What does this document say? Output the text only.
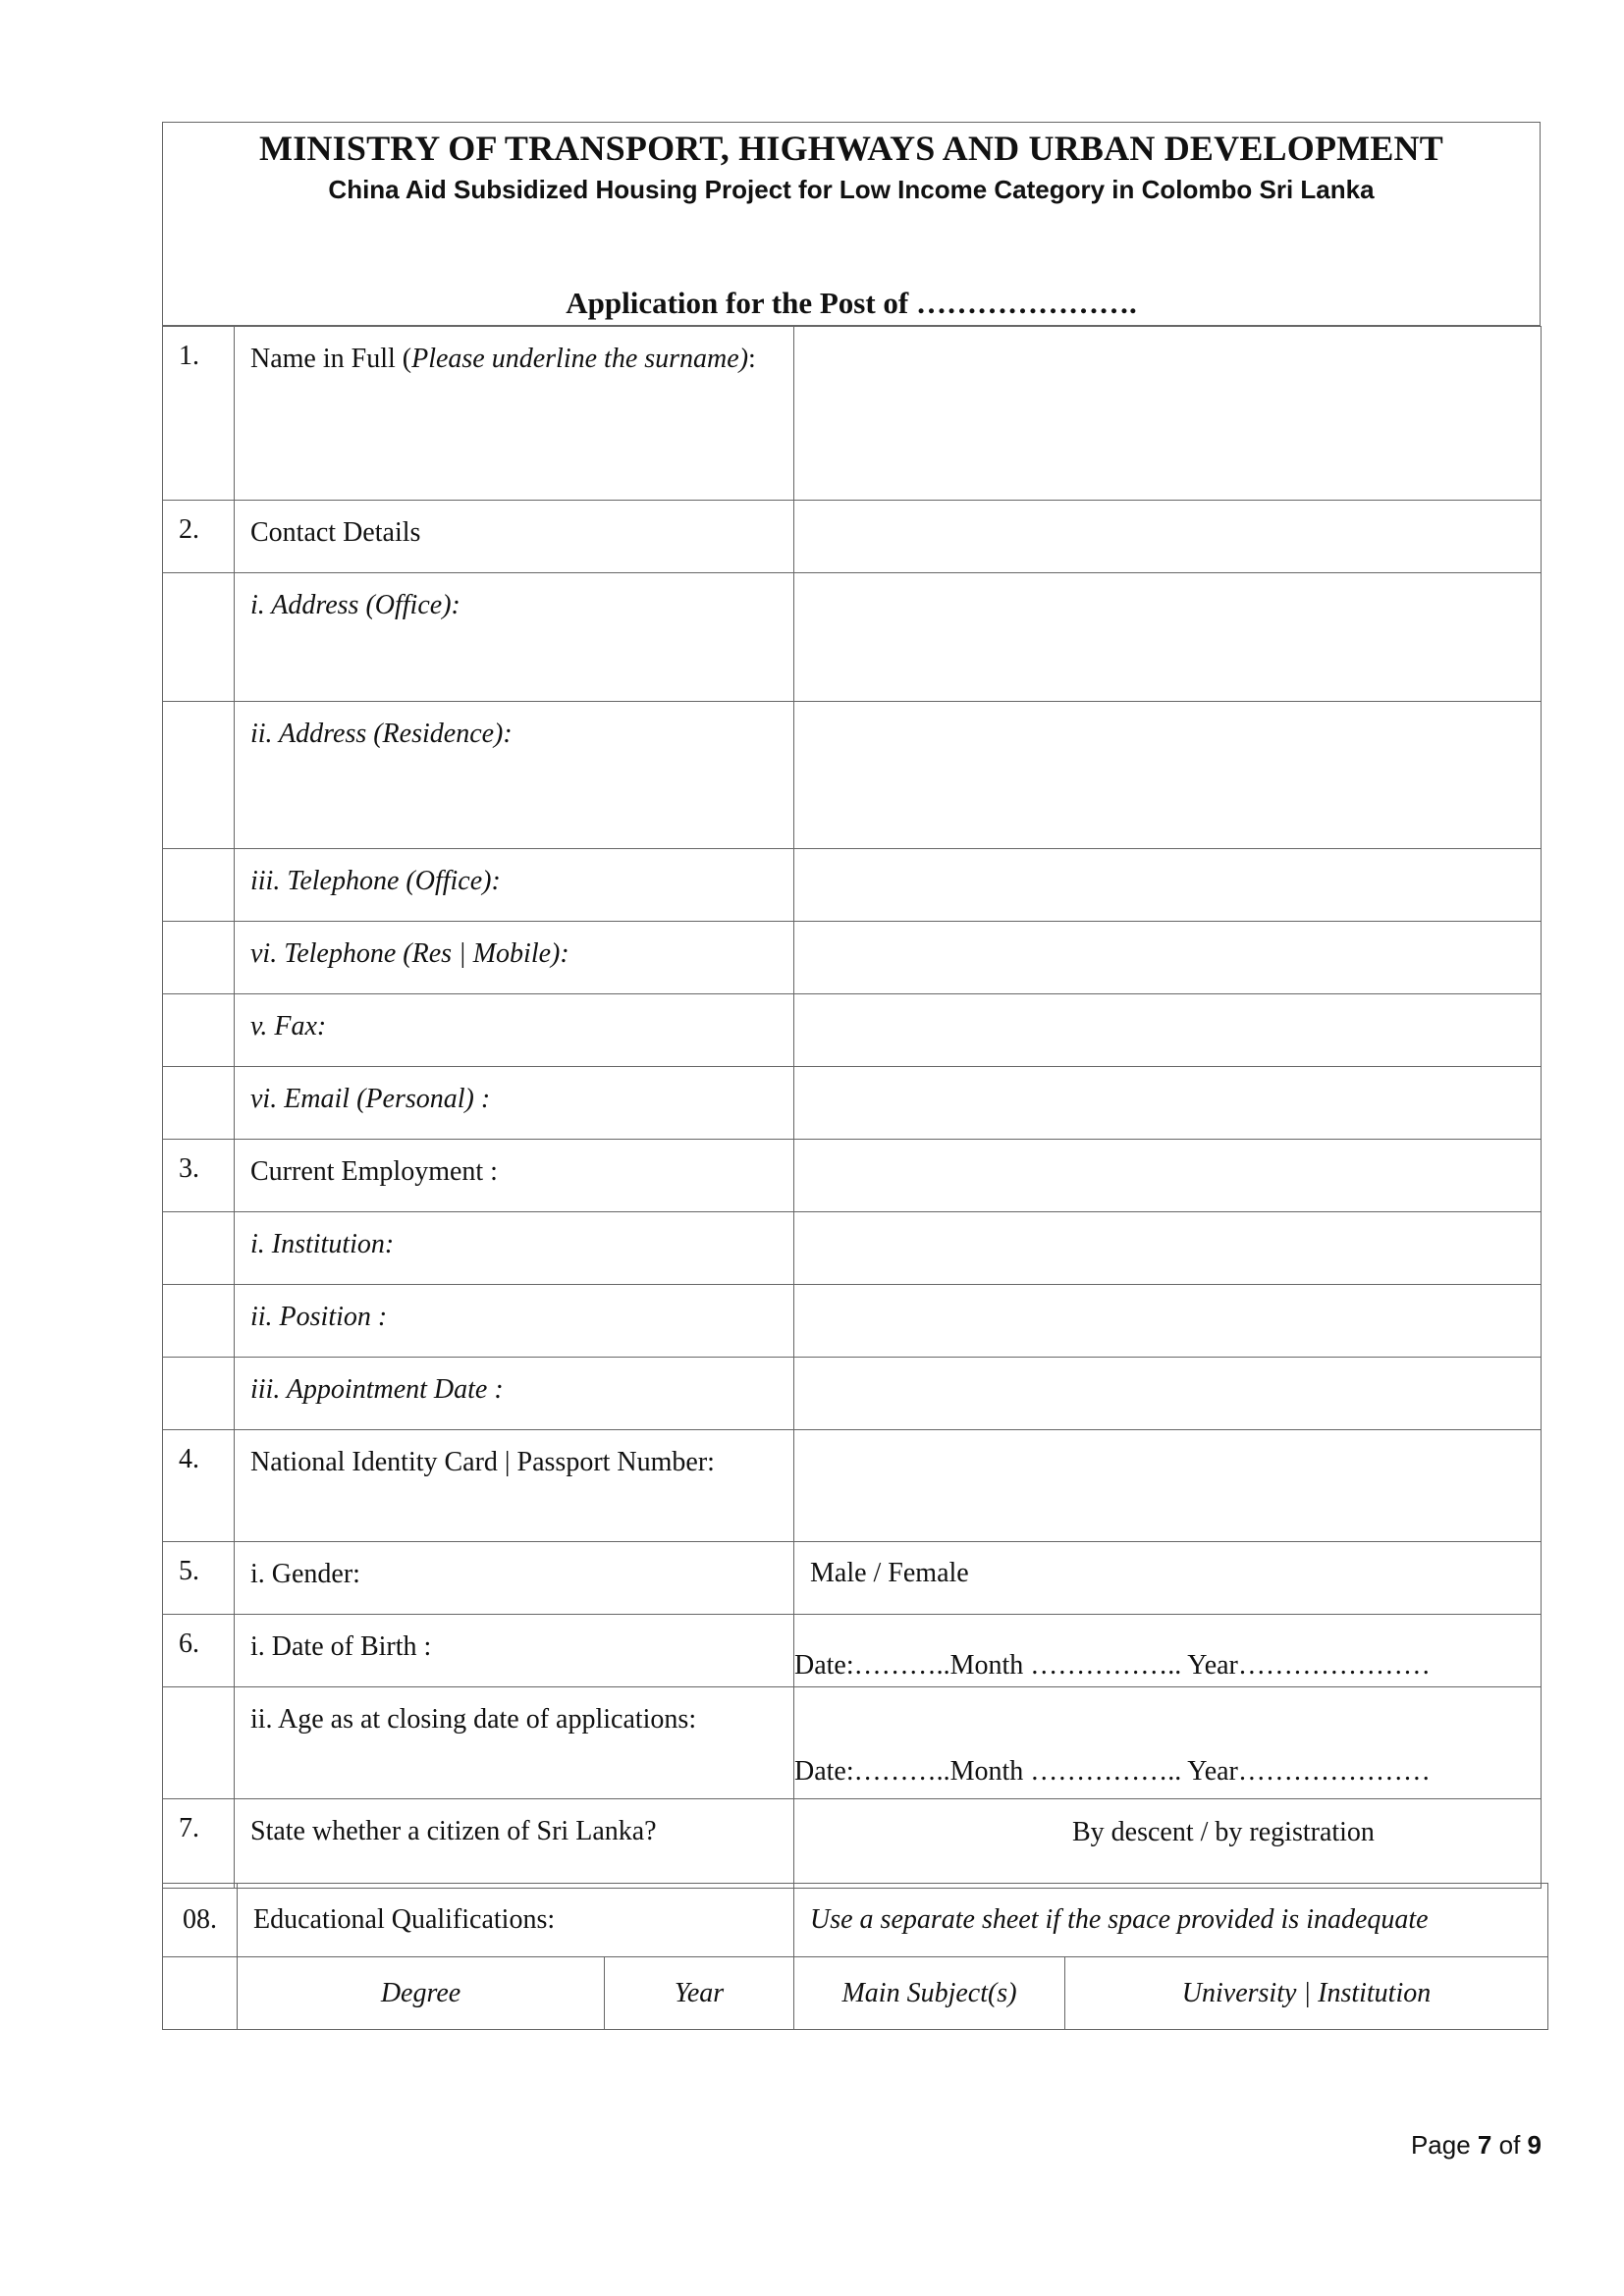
MINISTRY OF TRANSPORT, HIGHWAYS AND URBAN DEVELOPMENT
China Aid Subsidized Housing Project for Low Income Category in Colombo Sri Lanka
Application for the Post of ………………….
1.	Name in Full (Please underline the surname):	
2.	Contact Details	
	i. Address (Office):	
	ii. Address (Residence):	
	iii. Telephone (Office):	
	vi. Telephone (Res | Mobile):	
	v. Fax:	
	vi. Email (Personal) :	
3.	Current Employment :	
	i. Institution:	
	ii. Position :	
	iii. Appointment Date :	
4.	National Identity Card | Passport Number:	
5.	i. Gender:	Male / Female
6.	i. Date of Birth :	Date:………..Month …………….. Year…………………
	ii. Age as at closing date of applications:	Date:………..Month …………….. Year…………………
7.	State whether a citizen of Sri Lanka?	By descent / by registration
08.	Educational Qualifications:		Use a separate sheet if the space provided is inadequate	
	Degree	Year	Main Subject(s)	University | Institution
Page 7 of 9
